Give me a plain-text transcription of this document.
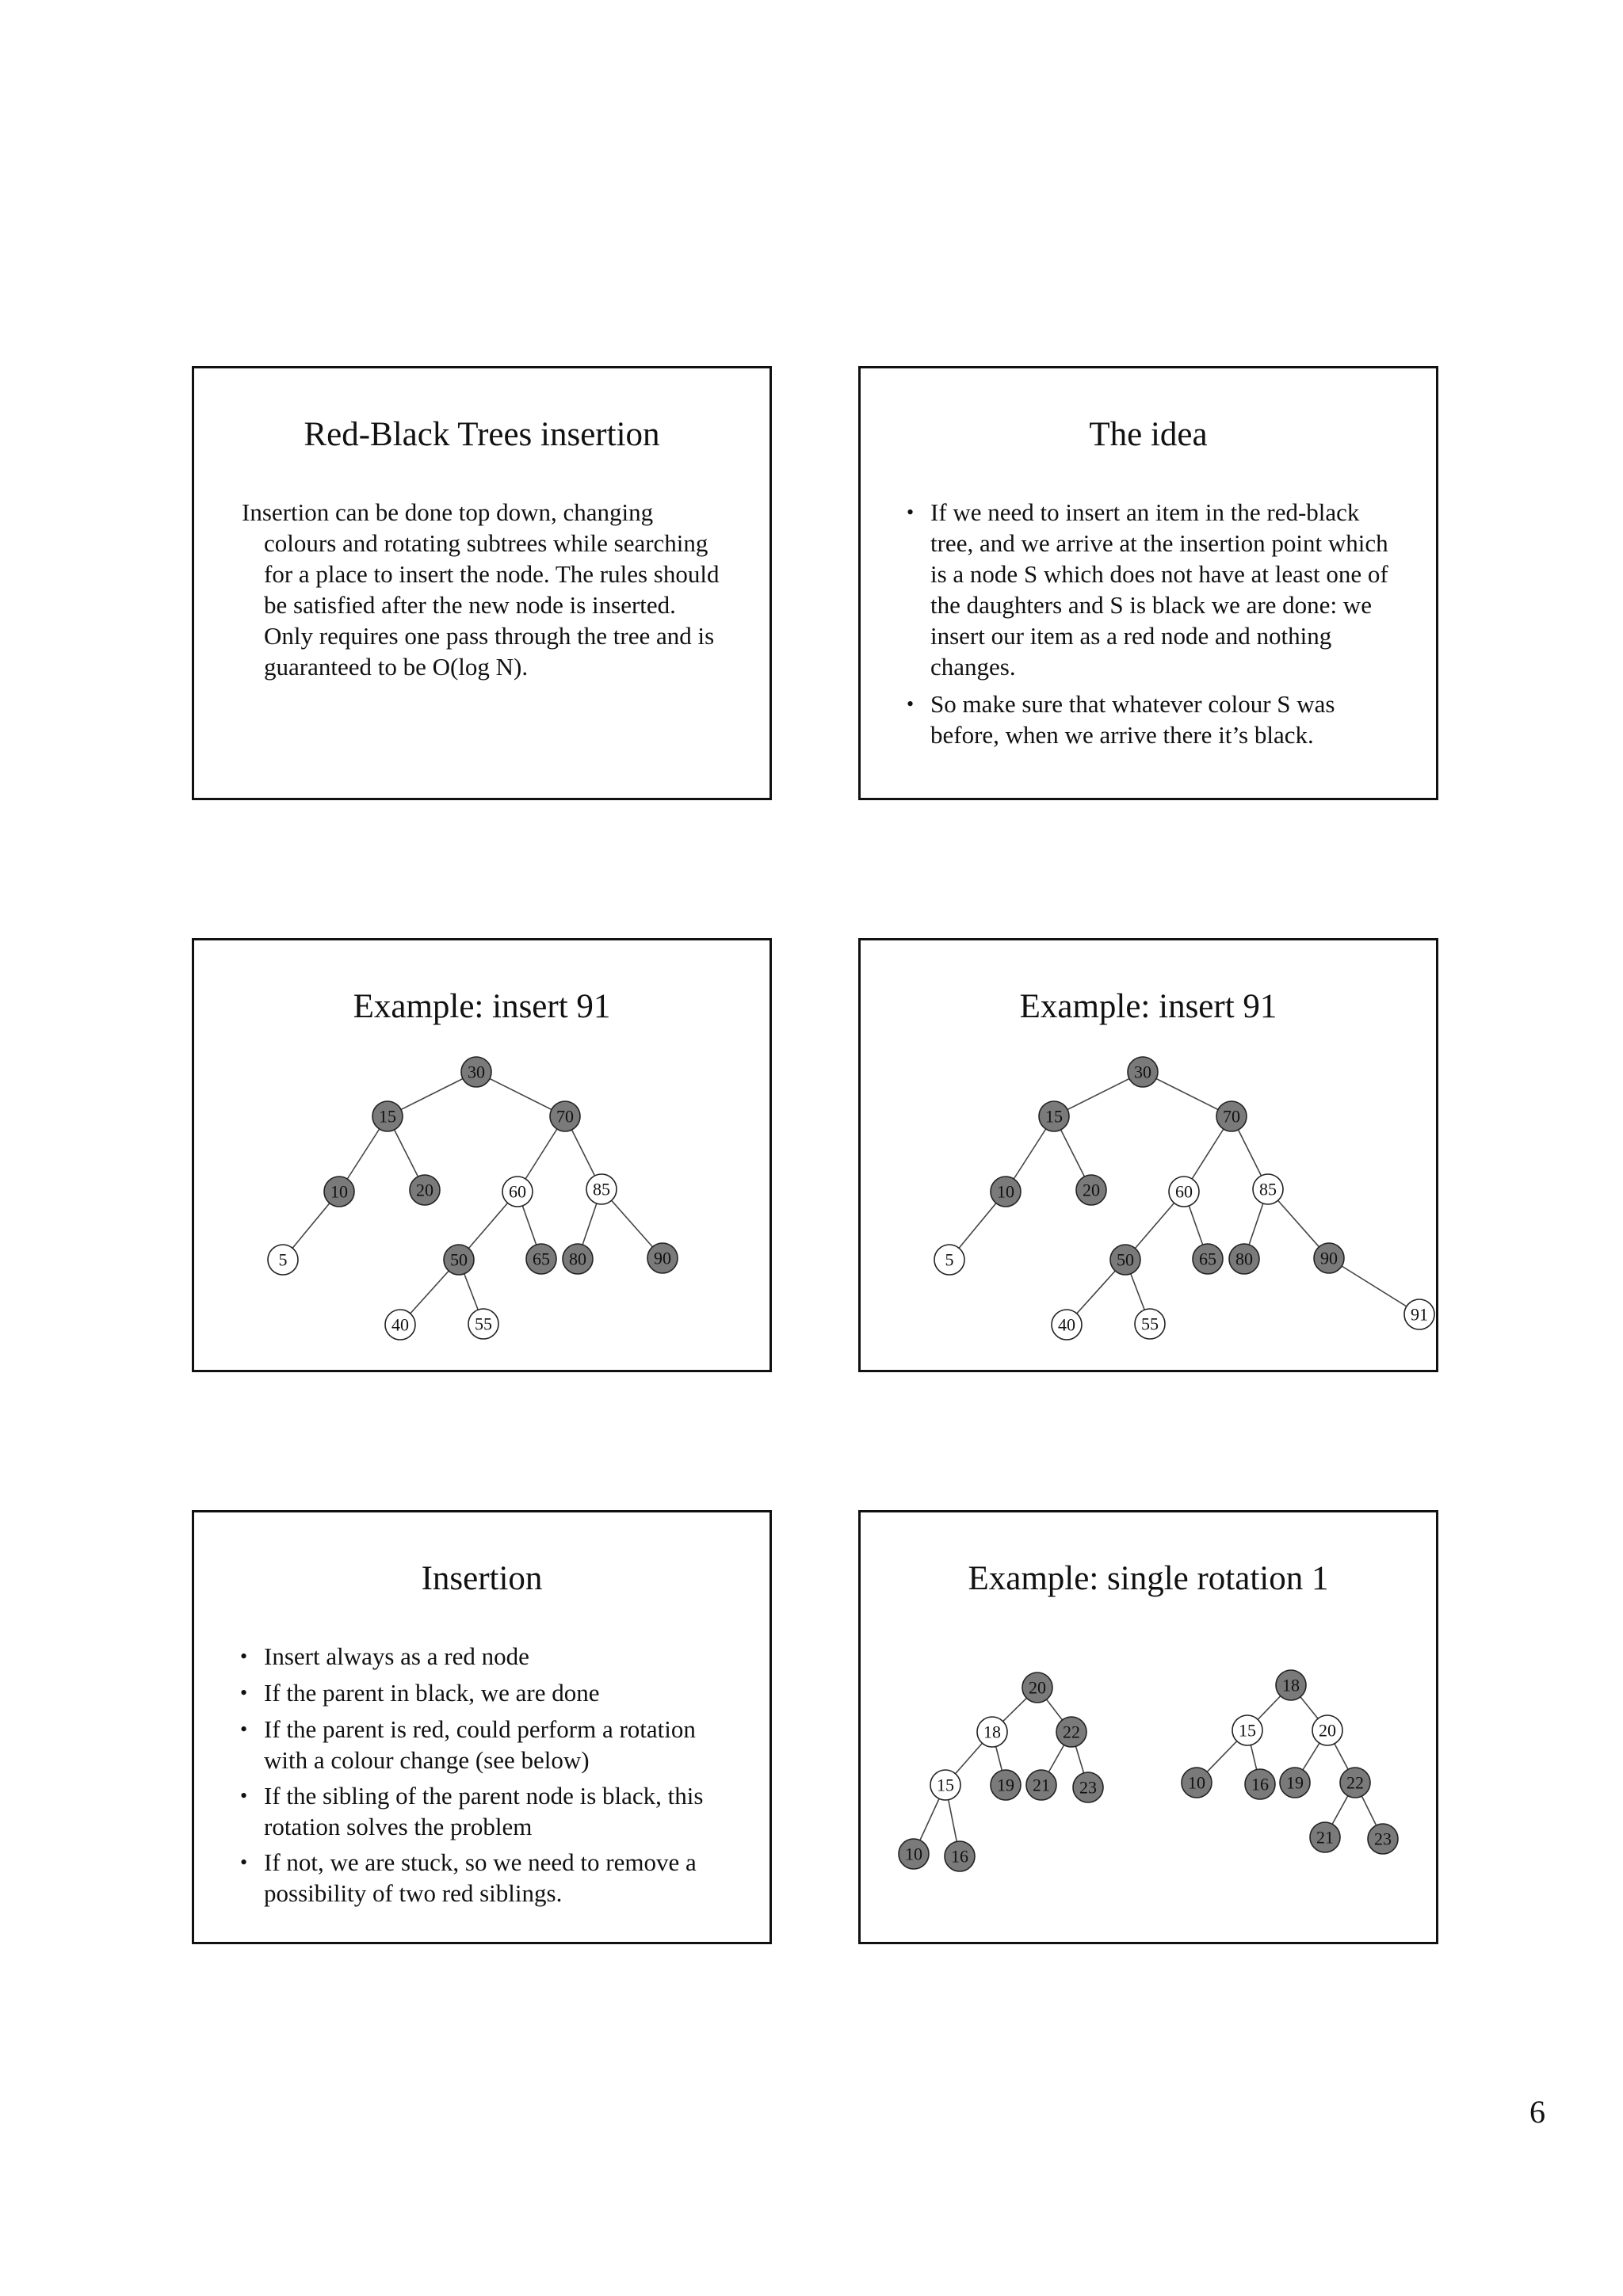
Red-Black Trees insertion
Insertion can be done top down, changing colours and rotating subtrees while searching for a place to insert the node. The rules should be satisfied after the new node is inserted. Only requires one pass through the tree and is guaranteed to be O(log N).
The idea
• If we need to insert an item in the red-black tree, and we arrive at the insertion point which is a node S which does not have at least one of the daughters and S is black we are done: we insert our item as a red node and nothing changes.
• So make sure that whatever colour S was before, when we arrive there it’s black.
Example: insert 91
30
15	70
10	20	60	85
5	50	65 80	90
40	55
Example: insert 91
30
15	70
10	20	60	85
5	50	65 80	90
40	55	91
Insertion
• Insert always as a red node
• If the parent in black, we are done
• If the parent is red, could perform a rotation with a colour change (see below)
• If the sibling of the parent node is black, this rotation solves the problem
• If not, we are stuck, so we need to remove a possibility of two red siblings.
Example: single rotation 1
20
18	22
15 19 21 23
10 16
18
15	20
10	16 19 22
21 23
6
